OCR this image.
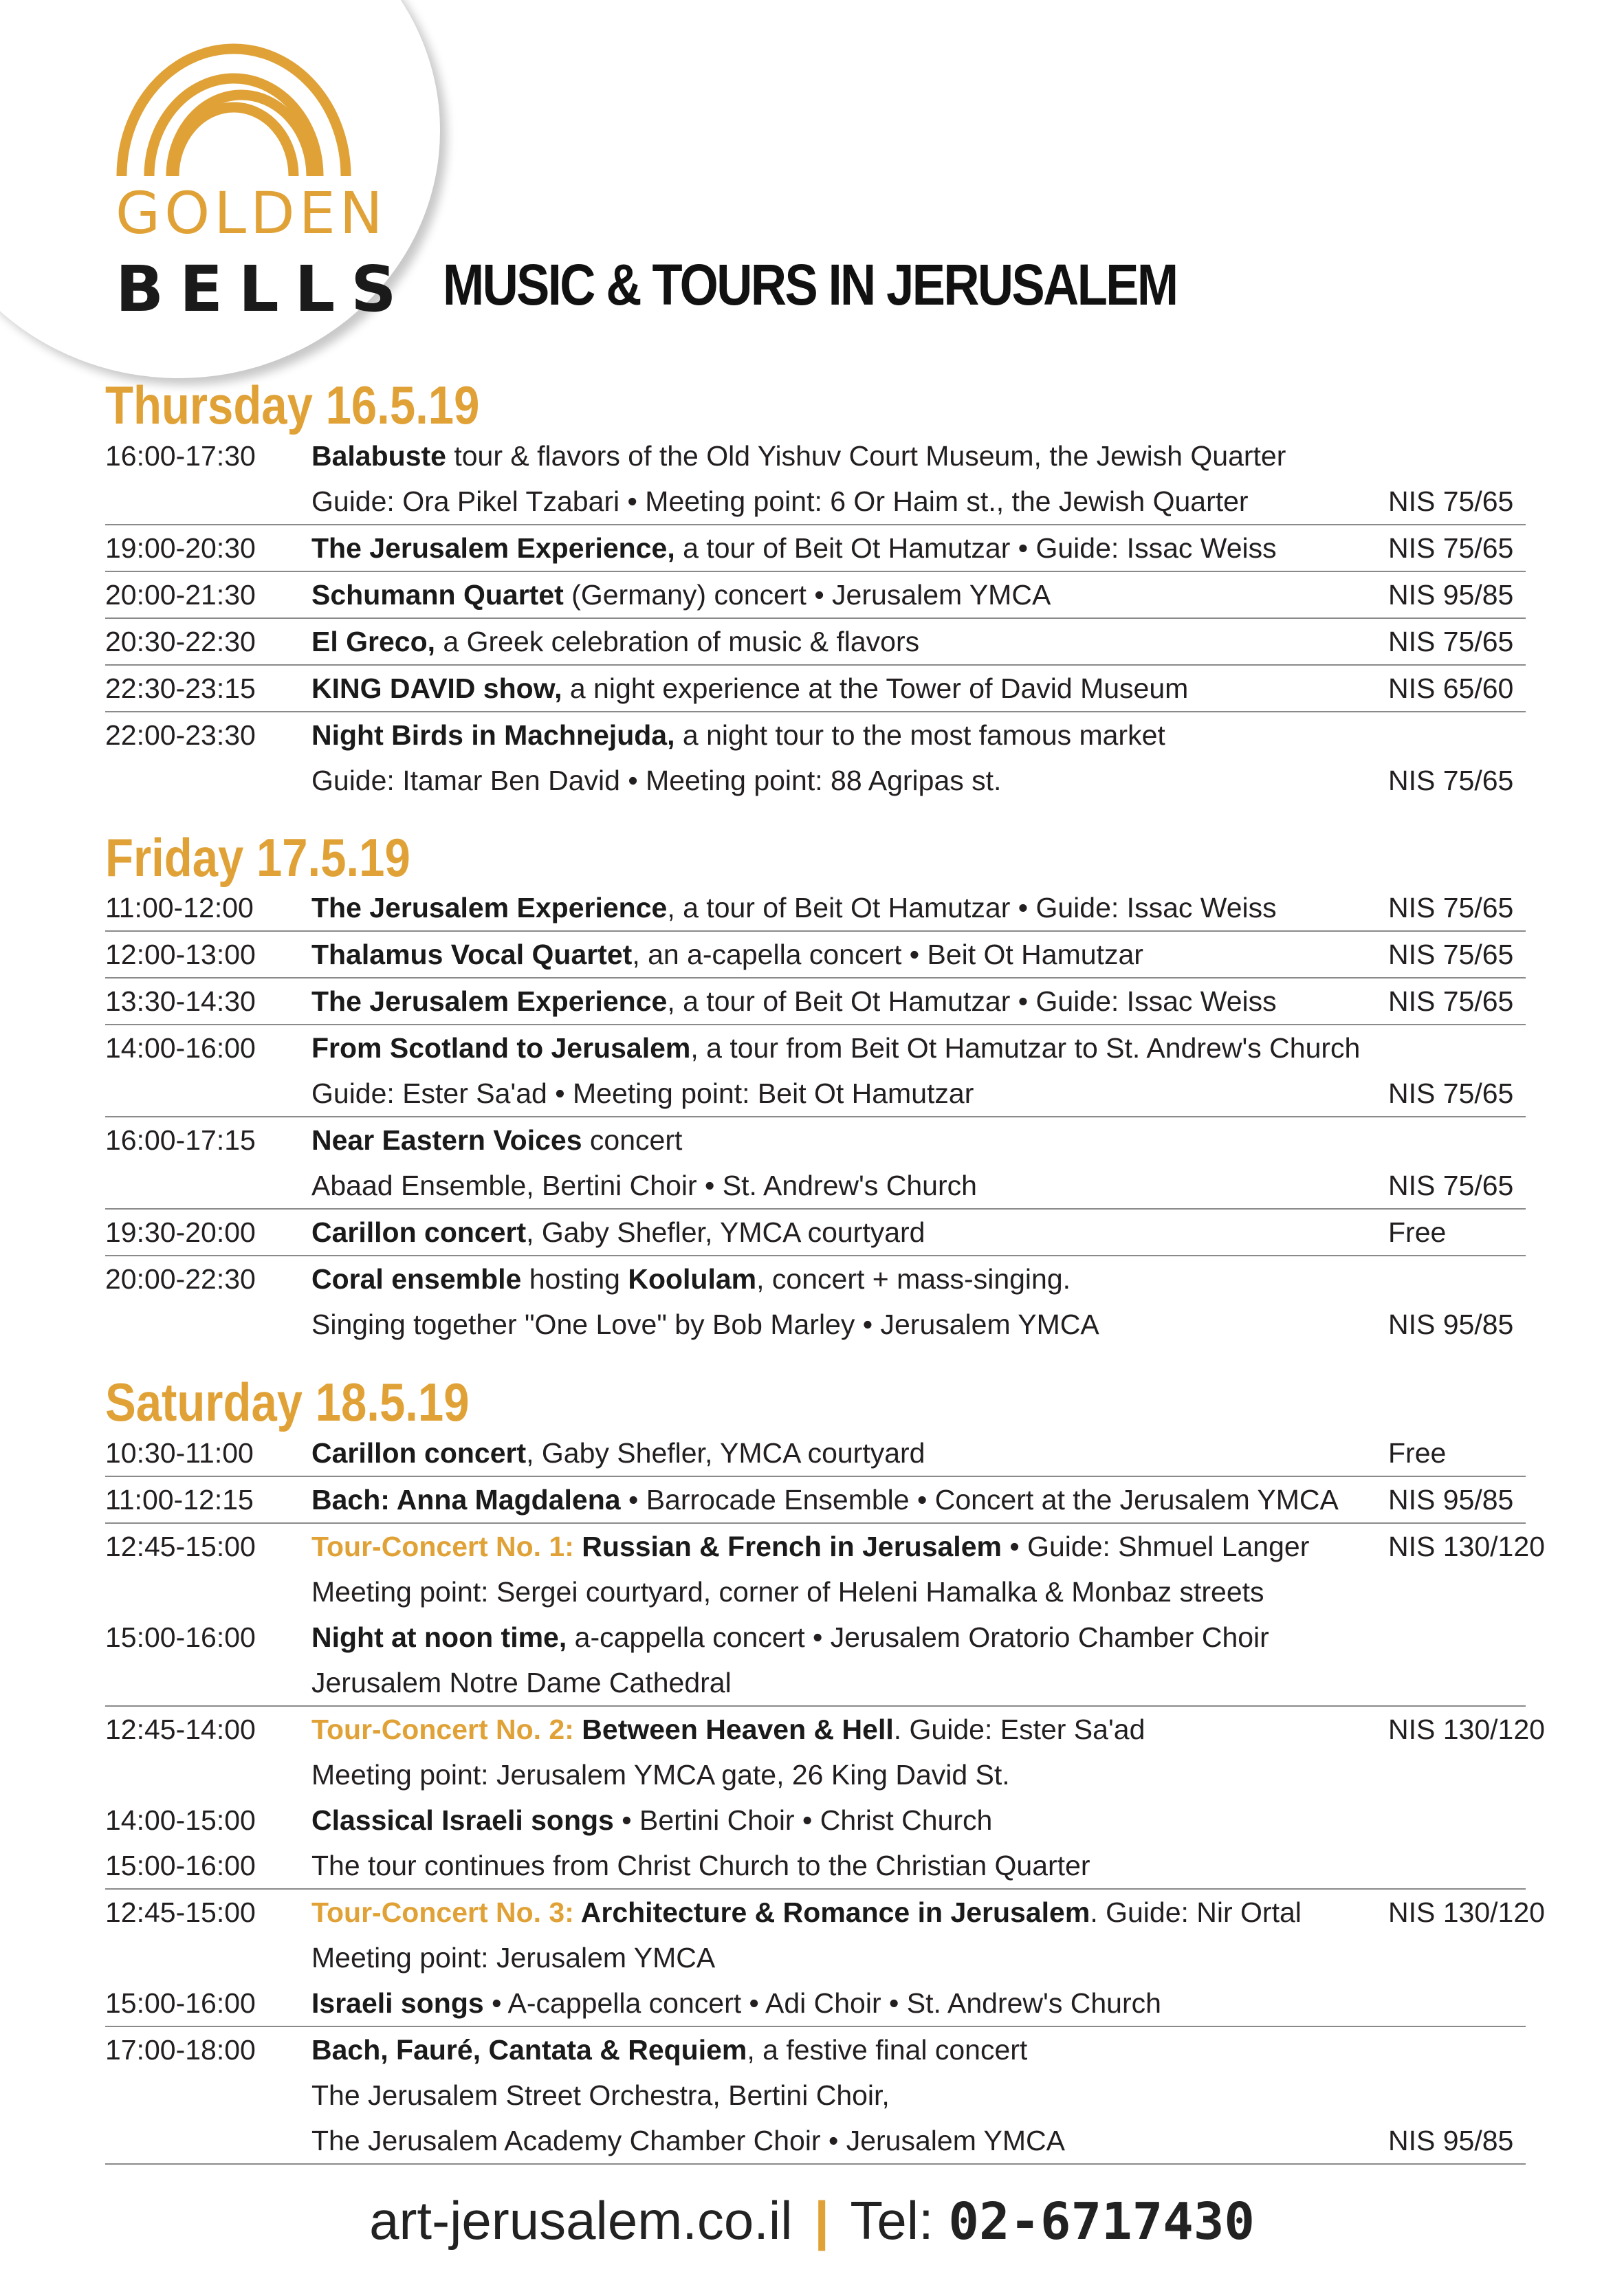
GOLDEN
BELLS MUSIC & TOURS IN JERUSALEM
Thursday 16.5.19
16:00-17:30	Balabuste tour & flavors of the Old Yishuv Court Museum, the Jewish Quarter
Guide: Ora Pikel Tzabari • Meeting point: 6 Or Haim st., the Jewish Quarter	NIS 75/65
19:00-20:30	The Jerusalem Experience, a tour of Beit Ot Hamutzar • Guide: Issac Weiss	NIS 75/65
20:00-21:30	Schumann Quartet (Germany) concert • Jerusalem YMCA	NIS 95/85
20:30-22:30	El Greco, a Greek celebration of music & flavors	NIS 75/65
22:30-23:15	KING DAVID show, a night experience at the Tower of David Museum	NIS 65/60
22:00-23:30	Night Birds in Machnejuda, a night tour to the most famous market
Guide: Itamar Ben David • Meeting point: 88 Agripas st.	NIS 75/65
Friday 17.5.19
11:00-12:00	The Jerusalem Experience, a tour of Beit Ot Hamutzar • Guide: Issac Weiss	NIS 75/65
12:00-13:00	Thalamus Vocal Quartet, an a-capella concert • Beit Ot Hamutzar	NIS 75/65
13:30-14:30	The Jerusalem Experience, a tour of Beit Ot Hamutzar • Guide: Issac Weiss	NIS 75/65
14:00-16:00	From Scotland to Jerusalem, a tour from Beit Ot Hamutzar to St. Andrew's Church
Guide: Ester Sa'ad • Meeting point: Beit Ot Hamutzar	NIS 75/65
16:00-17:15	Near Eastern Voices concert
Abaad Ensemble, Bertini Choir • St. Andrew's Church	NIS 75/65
19:30-20:00	Carillon concert, Gaby Shefler, YMCA courtyard	Free
20:00-22:30	Coral ensemble hosting Koolulam, concert + mass-singing.
Singing together "One Love" by Bob Marley • Jerusalem YMCA	NIS 95/85
Saturday 18.5.19
10:30-11:00	Carillon concert, Gaby Shefler, YMCA courtyard	Free
11:00-12:15	Bach: Anna Magdalena • Barrocade Ensemble • Concert at the Jerusalem YMCA	NIS 95/85
12:45-15:00	Tour-Concert No. 1: Russian & French in Jerusalem • Guide: Shmuel Langer	NIS 130/120
Meeting point: Sergei courtyard, corner of Heleni Hamalka & Monbaz streets
15:00-16:00	Night at noon time, a-cappella concert • Jerusalem Oratorio Chamber Choir
Jerusalem Notre Dame Cathedral
12:45-14:00	Tour-Concert No. 2: Between Heaven & Hell. Guide: Ester Sa'ad	NIS 130/120
Meeting point: Jerusalem YMCA gate, 26 King David St.
14:00-15:00	Classical Israeli songs • Bertini Choir • Christ Church
15:00-16:00	The tour continues from Christ Church to the Christian Quarter
12:45-15:00	Tour-Concert No. 3: Architecture & Romance in Jerusalem. Guide: Nir Ortal	NIS 130/120
Meeting point: Jerusalem YMCA
15:00-16:00	Israeli songs • A-cappella concert • Adi Choir • St. Andrew's Church
17:00-18:00	Bach, Fauré, Cantata & Requiem, a festive final concert
The Jerusalem Street Orchestra, Bertini Choir,
The Jerusalem Academy Chamber Choir • Jerusalem YMCA	NIS 95/85
art-jerusalem.co.il | Tel: 02-6717430
